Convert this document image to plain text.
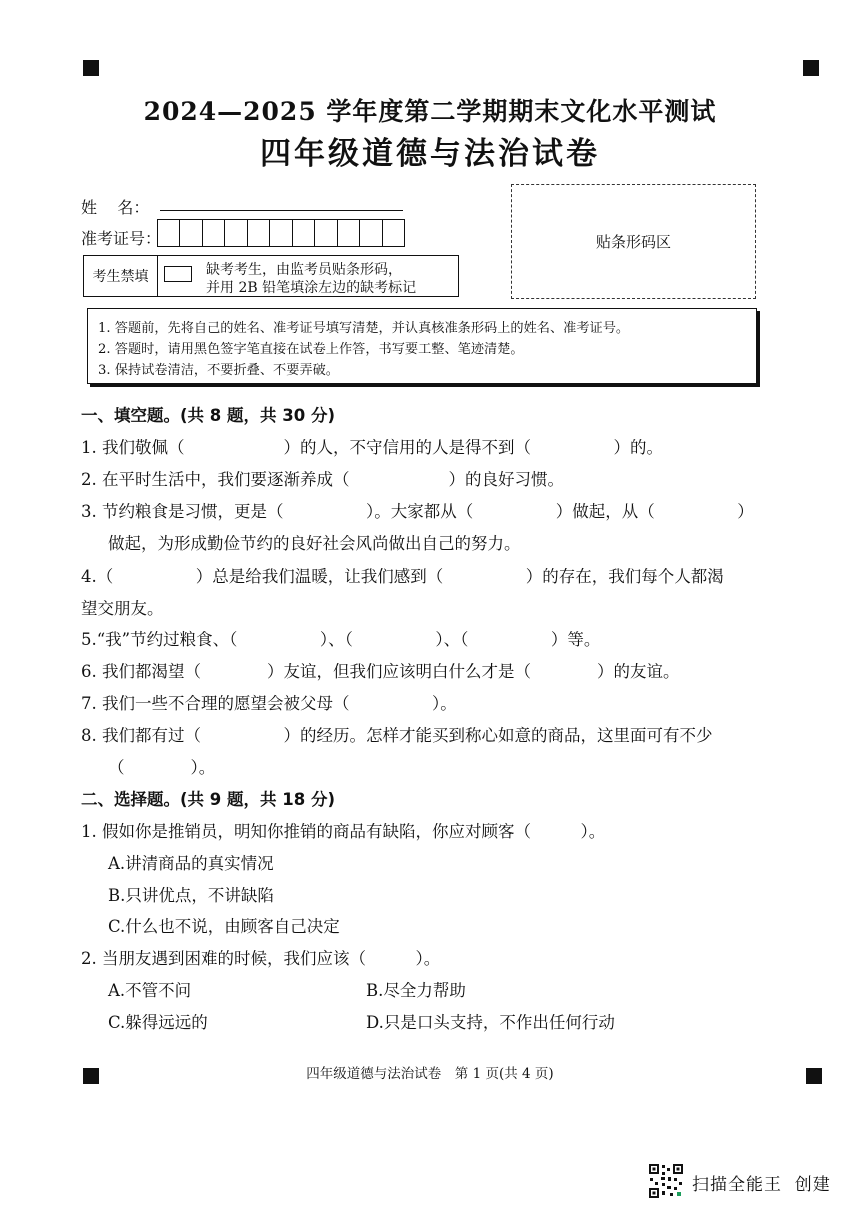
2024—2025 学年度第二学期期末文化水平测试
四年级道德与法治试卷
姓    名：
准考证号：
考生禁填	缺考考生，由监考员贴条形码，
并用 2B 铅笔填涂左边的缺考标记
贴条形码区
1. 答题前，先将自己的姓名、准考证号填写清楚，并认真核准条形码上的姓名、准考证号。
2. 答题时，请用黑色签字笔直接在试卷上作答，书写要工整、笔迹清楚。
3. 保持试卷清洁，不要折叠、不要弄破。
一、填空题。(共 8 题，共 30 分)
1. 我们敬佩（　　　　　　）的人，不守信用的人是得不到（　　　　　）的。
2. 在平时生活中，我们要逐渐养成（　　　　　　）的良好习惯。
3. 节约粮食是习惯，更是（　　　　　）。大家都从（　　　　　）做起，从（　　　　　）
做起，为形成勤俭节约的良好社会风尚做出自己的努力。
4.（　　　　　）总是给我们温暖，让我们感到（　　　　　）的存在，我们每个人都渴
望交朋友。
5.“我”节约过粮食、（　　　　　）、（　　　　　）、（　　　　　）等。
6. 我们都渴望（　　　　）友谊，但我们应该明白什么才是（　　　　）的友谊。
7. 我们一些不合理的愿望会被父母（　　　　　）。
8. 我们都有过（　　　　　）的经历。怎样才能买到称心如意的商品，这里面可有不少
（　　　　）。
二、选择题。(共 9 题，共 18 分)
1. 假如你是推销员，明知你推销的商品有缺陷，你应对顾客（　　　）。
A.讲清商品的真实情况
B.只讲优点，不讲缺陷
C.什么也不说，由顾客自己决定
2. 当朋友遇到困难的时候，我们应该（　　　）。
A.不管不问	B.尽全力帮助
C.躲得远远的	D.只是口头支持，不作出任何行动
四年级道德与法治试卷　第 1 页(共 4 页)
扫描全能王  创建
